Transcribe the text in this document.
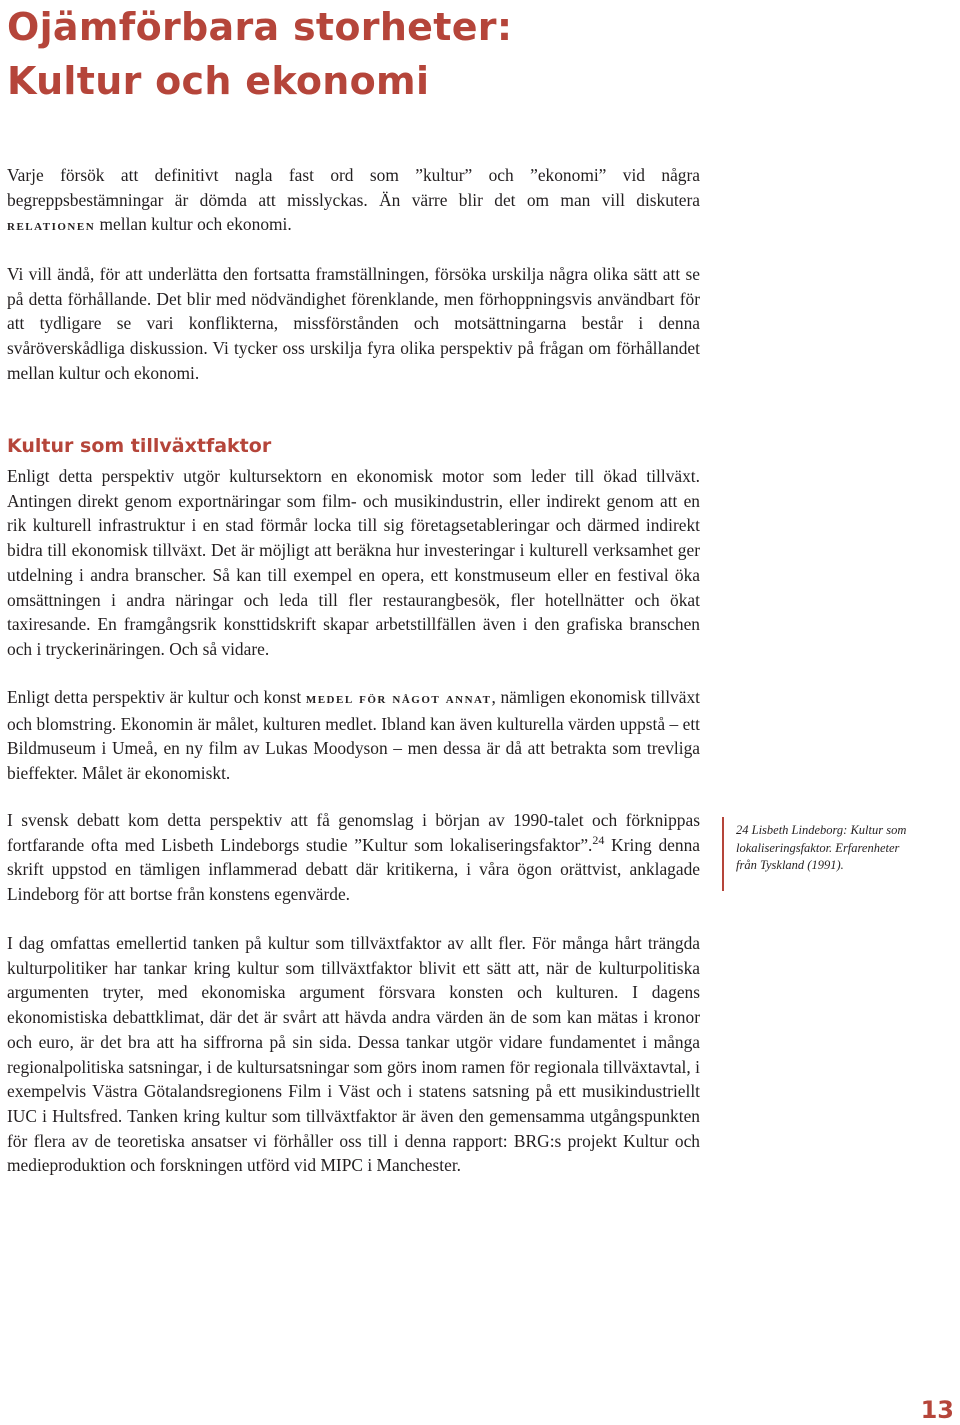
Ojämförbara storheter:
Kultur och ekonomi

Varje försök att definitivt nagla fast ord som ”kultur” och ”ekonomi” vid några begreppsbestämningar är dömda att misslyckas. Än värre blir det om man vill diskutera relationen mellan kultur och ekonomi.

Vi vill ändå, för att underlätta den fortsatta framställningen, försöka urskilja några olika sätt att se på detta förhållande. Det blir med nödvändighet förenklande, men förhoppningsvis användbart för att tydligare se vari konflikterna, missförstånden och motsättningarna består i denna svåröverskådliga diskussion. Vi tycker oss urskilja fyra olika perspektiv på frågan om förhållandet mellan kultur och ekonomi.

Kultur som tillväxtfaktor

Enligt detta perspektiv utgör kultursektorn en ekonomisk motor som leder till ökad tillväxt. Antingen direkt genom exportnäringar som film- och musikindustrin, eller indirekt genom att en rik kulturell infrastruktur i en stad förmår locka till sig företagsetableringar och därmed indirekt bidra till ekonomisk tillväxt. Det är möjligt att beräkna hur investeringar i kulturell verksamhet ger utdelning i andra branscher. Så kan till exempel en opera, ett konstmuseum eller en festival öka omsättningen i andra näringar och leda till fler restaurangbesök, fler hotellnätter och ökat taxiresande. En framgångsrik konsttidskrift skapar arbetstillfällen även i den grafiska branschen och i tryckerinäringen. Och så vidare.

Enligt detta perspektiv är kultur och konst medel för något annat, nämligen ekonomisk tillväxt och blomstring. Ekonomin är målet, kulturen medlet. Ibland kan även kulturella värden uppstå – ett Bildmuseum i Umeå, en ny film av Lukas Moodyson – men dessa är då att betrakta som trevliga bieffekter. Målet är ekonomiskt.

I svensk debatt kom detta perspektiv att få genomslag i början av 1990-talet och förknippas fortfarande ofta med Lisbeth Lindeborgs studie ”Kultur som lokaliseringsfaktor”.$^{24}$ Kring denna skrift uppstod en tämligen inflammerad debatt där kritikerna, i våra ögon orättvist, anklagade Lindeborg för att bortse från konstens egenvärde.

24 Lisbeth Lindeborg: Kultur som lokaliseringsfaktor. Erfarenheter från Tyskland (1991).

I dag omfattas emellertid tanken på kultur som tillväxtfaktor av allt fler. För många hårt trängda kulturpolitiker har tankar kring kultur som tillväxtfaktor blivit ett sätt att, när de kulturpolitiska argumenten tryter, med ekonomiska argument försvara konsten och kulturen. I dagens ekonomistiska debattklimat, där det är svårt att hävda andra värden än de som kan mätas i kronor och euro, är det bra att ha siffrorna på sin sida. Dessa tankar utgör vidare fundamentet i många regionalpolitiska satsningar, i de kultursatsningar som görs inom ramen för regionala tillväxtavtal, i exempelvis Västra Götalandsregionens Film i Väst och i statens satsning på ett musikindustriellt IUC i Hultsfred. Tanken kring kultur som tillväxtfaktor är även den gemensamma utgångspunkten för flera av de teoretiska ansatser vi förhåller oss till i denna rapport: BRG:s projekt Kultur och medieproduktion och forskningen utförd vid MIPC i Manchester.

13
